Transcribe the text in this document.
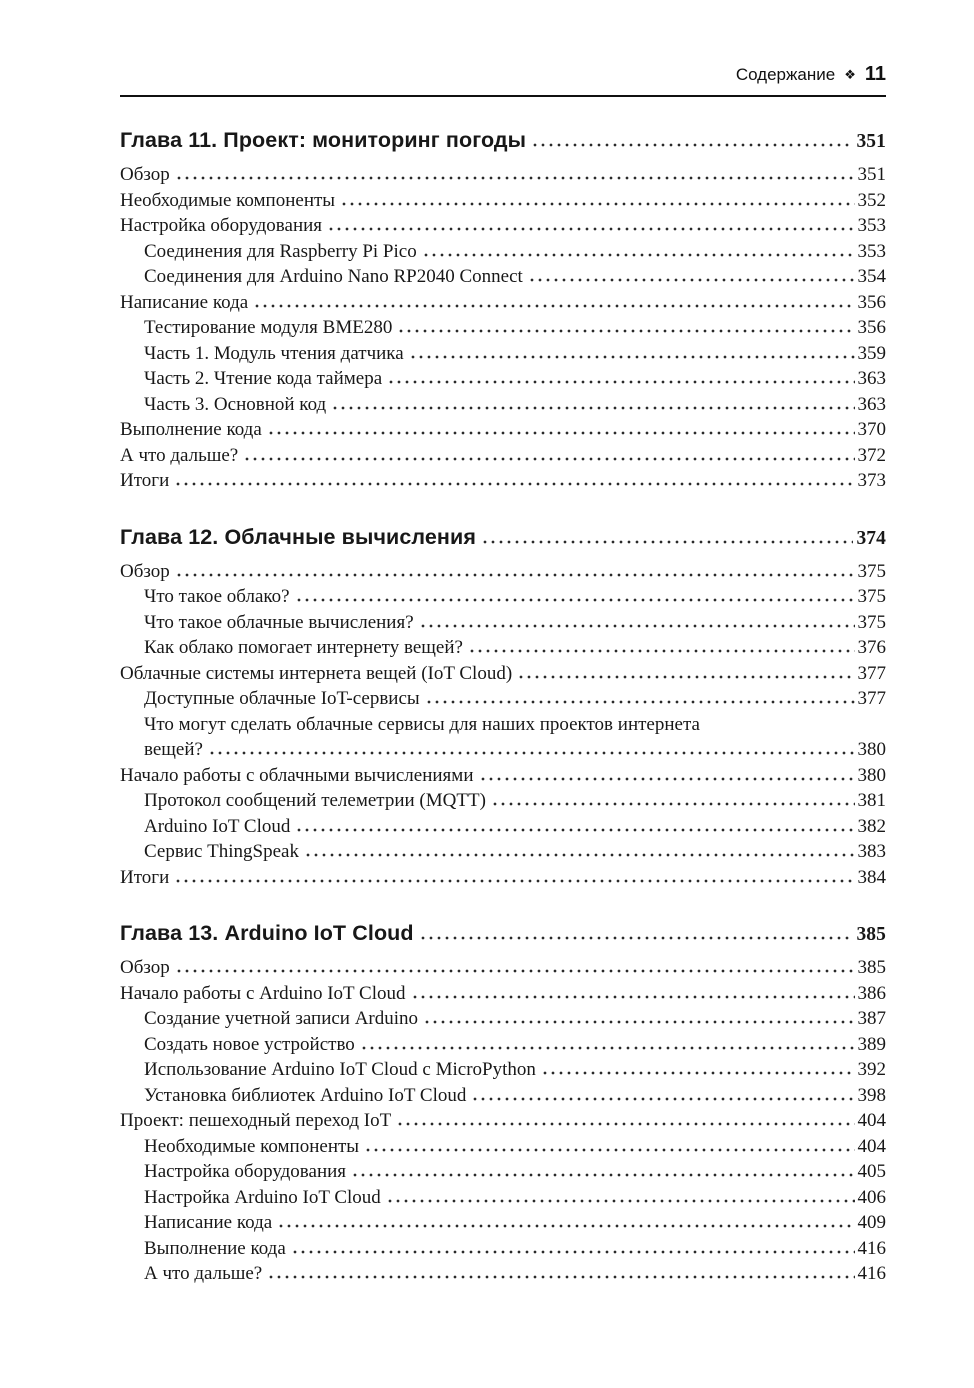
Содержание ❖ 11
Глава 11. Проект: мониторинг погоды	351
Обзор	351
Необходимые компоненты	352
Настройка оборудования	353
Соединения для Raspberry Pi Pico	353
Соединения для Arduino Nano RP2040 Connect	354
Написание кода	356
Тестирование модуля BME280	356
Часть 1. Модуль чтения датчика	359
Часть 2. Чтение кода таймера	363
Часть 3. Основной код	363
Выполнение кода	370
А что дальше?	372
Итоги	373
Глава 12. Облачные вычисления	374
Обзор	375
Что такое облако?	375
Что такое облачные вычисления?	375
Как облако помогает интернету вещей?	376
Облачные системы интернета вещей (IoT Cloud)	377
Доступные облачные IoT-сервисы	377
Что могут сделать облачные сервисы для наших проектов интернета
вещей?	380
Начало работы с облачными вычислениями	380
Протокол сообщений телеметрии (MQTT)	381
Arduino IoT Cloud	382
Сервис ThingSpeak	383
Итоги	384
Глава 13. Arduino IoT Cloud	385
Обзор	385
Начало работы с Arduino IoT Cloud	386
Создание учетной записи Arduino	387
Создать новое устройство	389
Использование Arduino IoT Cloud с MicroPython	392
Установка библиотек Arduino IoT Cloud	398
Проект: пешеходный переход IoT	404
Необходимые компоненты	404
Настройка оборудования	405
Настройка Arduino IoT Cloud	406
Написание кода	409
Выполнение кода	416
А что дальше?	416
